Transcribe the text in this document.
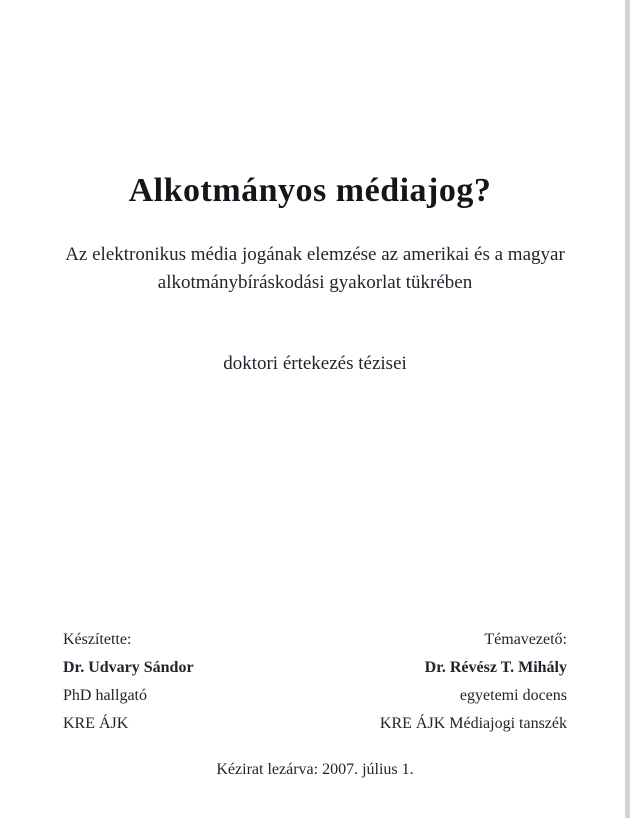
Alkotmányos médiajog?
Az elektronikus média jogának elemzése az amerikai és a magyar
alkotmánybíráskodási gyakorlat tükrében
doktori értekezés tézisei
Készítette:
Dr. Udvary Sándor
PhD hallgató
KRE ÁJK
Témavezető:
Dr. Révész T. Mihály
egyetemi docens
KRE ÁJK Médiajogi tanszék
Kézirat lezárva: 2007. július 1.
